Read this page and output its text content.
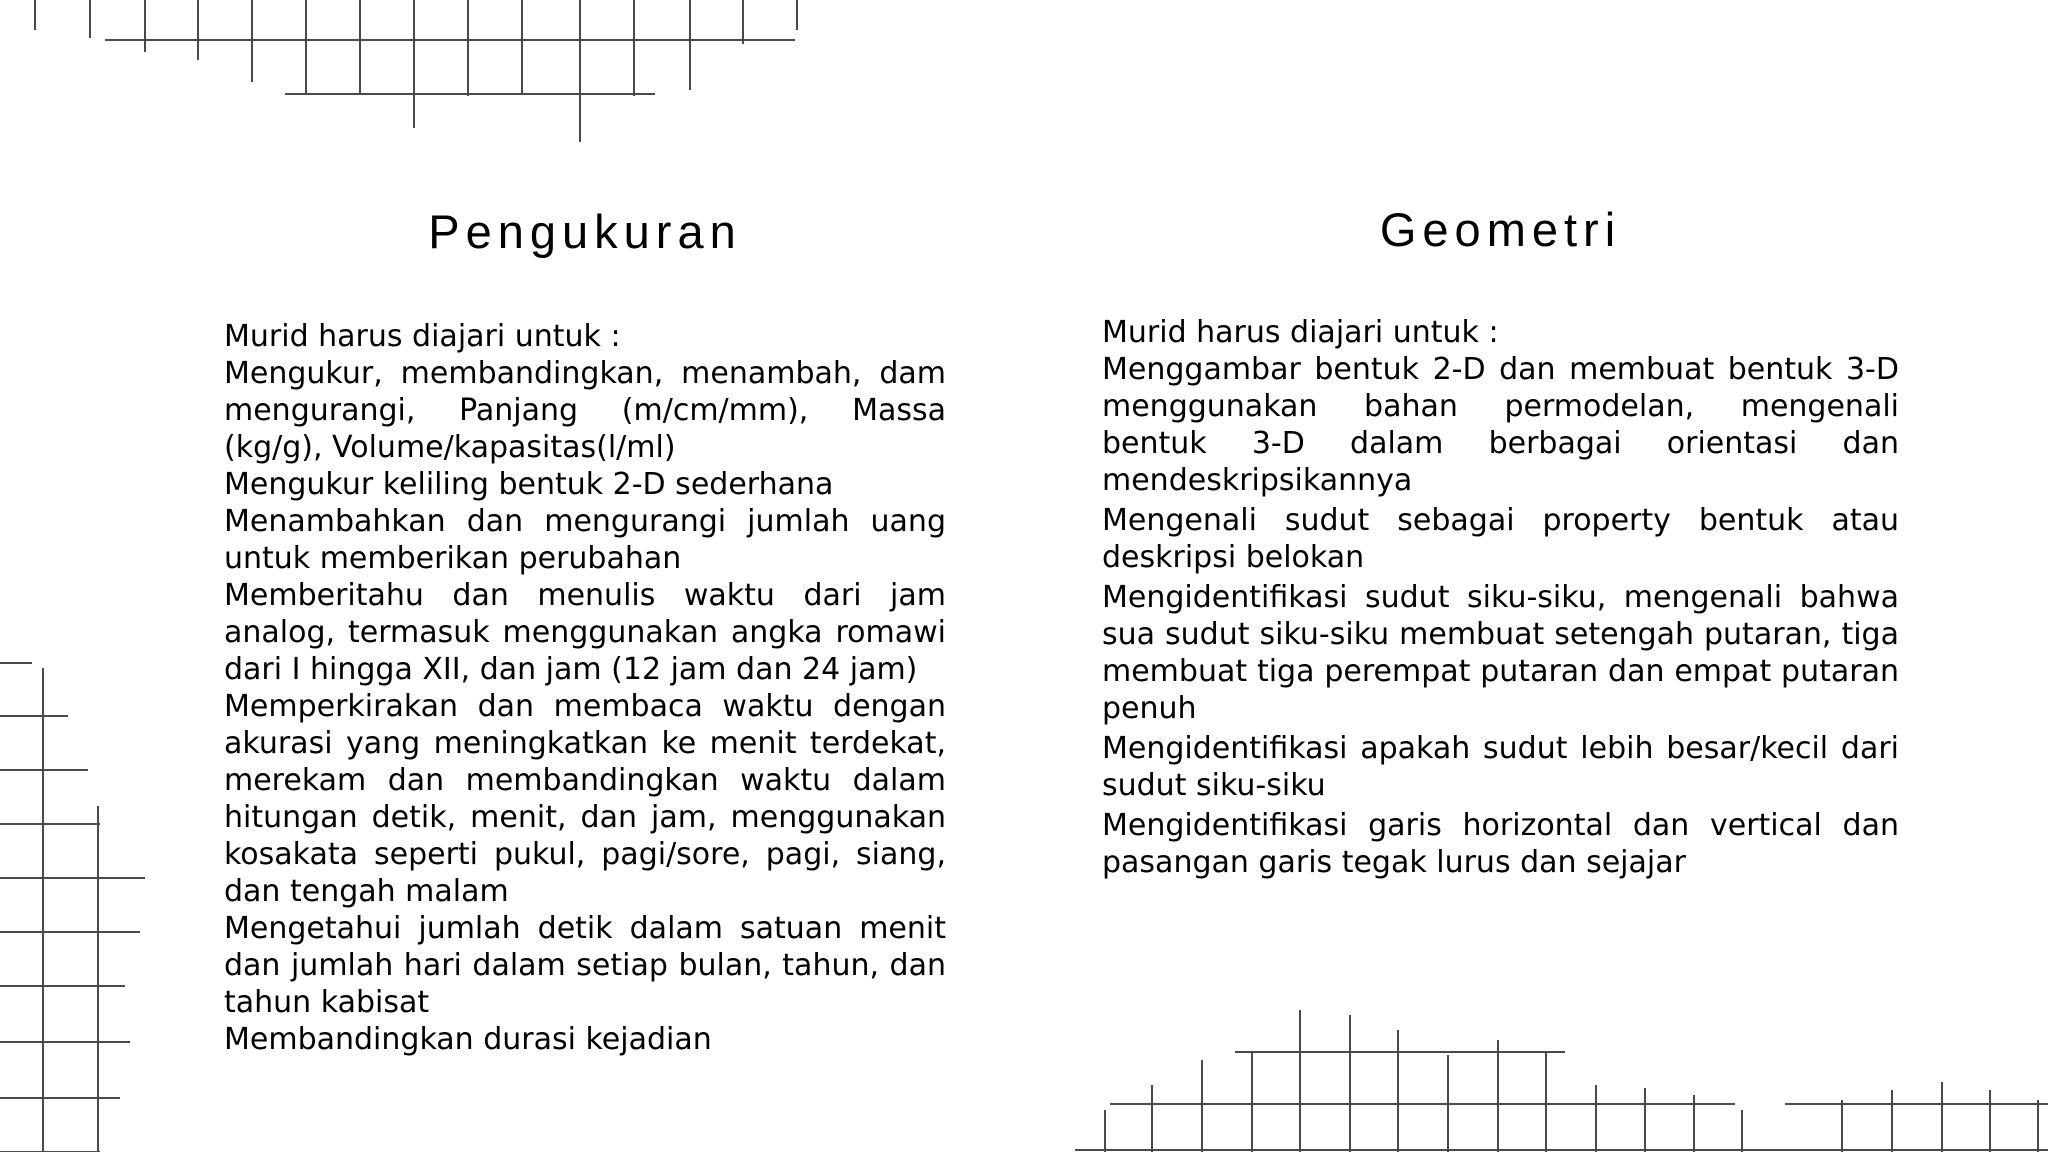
Pengukuran

Murid harus diajari untuk :

Mengukur, membandingkan, menambah, dam mengurangi, Panjang (m/cm/mm), Massa (kg/g), Volume/kapasitas(l/ml)
Mengukur keliling bentuk 2-D sederhana
Menambahkan dan mengurangi jumlah uang untuk memberikan perubahan
Memberitahu dan menulis waktu dari jam analog, termasuk menggunakan angka romawi dari I hingga XII, dan jam (12 jam dan 24 jam)
Memperkirakan dan membaca waktu dengan akurasi yang meningkatkan ke menit terdekat, merekam dan membandingkan waktu dalam hitungan detik, menit, dan jam, menggunakan kosakata seperti pukul, pagi/sore, pagi, siang, dan tengah malam
Mengetahui jumlah detik dalam satuan menit dan jumlah hari dalam setiap bulan, tahun, dan tahun kabisat
Membandingkan durasi kejadian
Geometri

Murid harus diajari untuk :

Menggambar bentuk 2-D dan membuat bentuk 3-D menggunakan bahan permodelan, mengenali bentuk 3-D dalam berbagai orientasi dan mendeskripsikannya
Mengenali sudut sebagai property bentuk atau deskripsi belokan
Mengidentifikasi sudut siku-siku, mengenali bahwa sua sudut siku-siku membuat setengah putaran, tiga membuat tiga perempat putaran dan empat putaran penuh
Mengidentifikasi apakah sudut lebih besar/kecil dari sudut siku-siku
Mengidentifikasi garis horizontal dan vertical dan pasangan garis tegak lurus dan sejajar
